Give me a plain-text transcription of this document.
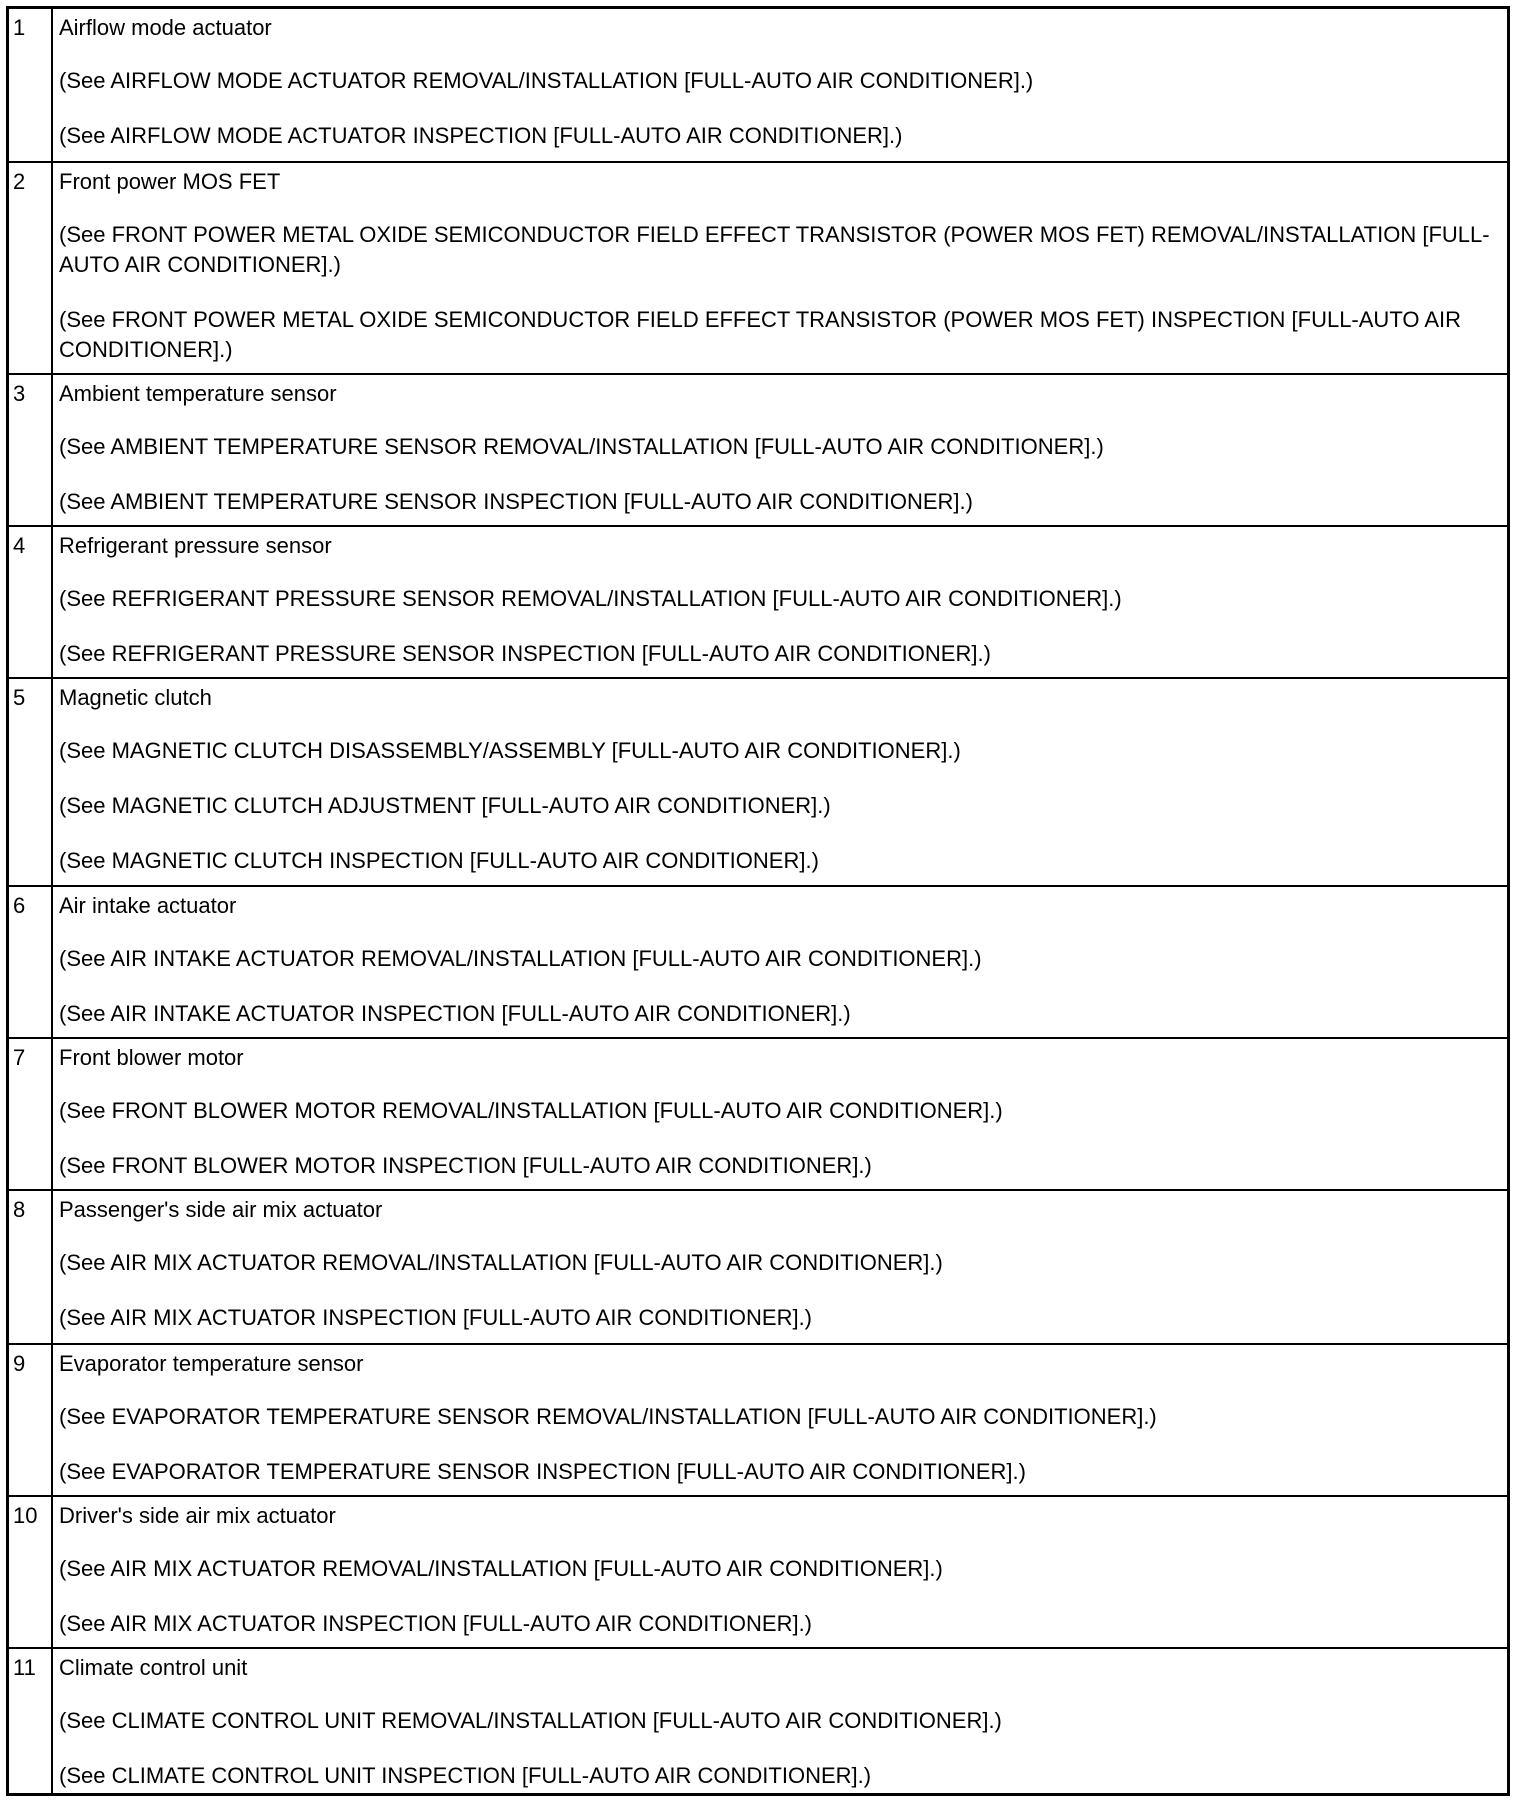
1	Airflow mode actuator
(See AIRFLOW MODE ACTUATOR REMOVAL/INSTALLATION [FULL-AUTO AIR CONDITIONER].)
(See AIRFLOW MODE ACTUATOR INSPECTION [FULL-AUTO AIR CONDITIONER].)

2	Front power MOS FET
(See FRONT POWER METAL OXIDE SEMICONDUCTOR FIELD EFFECT TRANSISTOR (POWER MOS FET) REMOVAL/INSTALLATION [FULL-AUTO AIR CONDITIONER].)
(See FRONT POWER METAL OXIDE SEMICONDUCTOR FIELD EFFECT TRANSISTOR (POWER MOS FET) INSPECTION [FULL-AUTO AIR CONDITIONER].)

3	Ambient temperature sensor
(See AMBIENT TEMPERATURE SENSOR REMOVAL/INSTALLATION [FULL-AUTO AIR CONDITIONER].)
(See AMBIENT TEMPERATURE SENSOR INSPECTION [FULL-AUTO AIR CONDITIONER].)

4	Refrigerant pressure sensor
(See REFRIGERANT PRESSURE SENSOR REMOVAL/INSTALLATION [FULL-AUTO AIR CONDITIONER].)
(See REFRIGERANT PRESSURE SENSOR INSPECTION [FULL-AUTO AIR CONDITIONER].)

5	Magnetic clutch
(See MAGNETIC CLUTCH DISASSEMBLY/ASSEMBLY [FULL-AUTO AIR CONDITIONER].)
(See MAGNETIC CLUTCH ADJUSTMENT [FULL-AUTO AIR CONDITIONER].)
(See MAGNETIC CLUTCH INSPECTION [FULL-AUTO AIR CONDITIONER].)

6	Air intake actuator
(See AIR INTAKE ACTUATOR REMOVAL/INSTALLATION [FULL-AUTO AIR CONDITIONER].)
(See AIR INTAKE ACTUATOR INSPECTION [FULL-AUTO AIR CONDITIONER].)

7	Front blower motor
(See FRONT BLOWER MOTOR REMOVAL/INSTALLATION [FULL-AUTO AIR CONDITIONER].)
(See FRONT BLOWER MOTOR INSPECTION [FULL-AUTO AIR CONDITIONER].)

8	Passenger's side air mix actuator
(See AIR MIX ACTUATOR REMOVAL/INSTALLATION [FULL-AUTO AIR CONDITIONER].)
(See AIR MIX ACTUATOR INSPECTION [FULL-AUTO AIR CONDITIONER].)

9	Evaporator temperature sensor
(See EVAPORATOR TEMPERATURE SENSOR REMOVAL/INSTALLATION [FULL-AUTO AIR CONDITIONER].)
(See EVAPORATOR TEMPERATURE SENSOR INSPECTION [FULL-AUTO AIR CONDITIONER].)

10	Driver's side air mix actuator
(See AIR MIX ACTUATOR REMOVAL/INSTALLATION [FULL-AUTO AIR CONDITIONER].)
(See AIR MIX ACTUATOR INSPECTION [FULL-AUTO AIR CONDITIONER].)

11	Climate control unit
(See CLIMATE CONTROL UNIT REMOVAL/INSTALLATION [FULL-AUTO AIR CONDITIONER].)
(See CLIMATE CONTROL UNIT INSPECTION [FULL-AUTO AIR CONDITIONER].)
